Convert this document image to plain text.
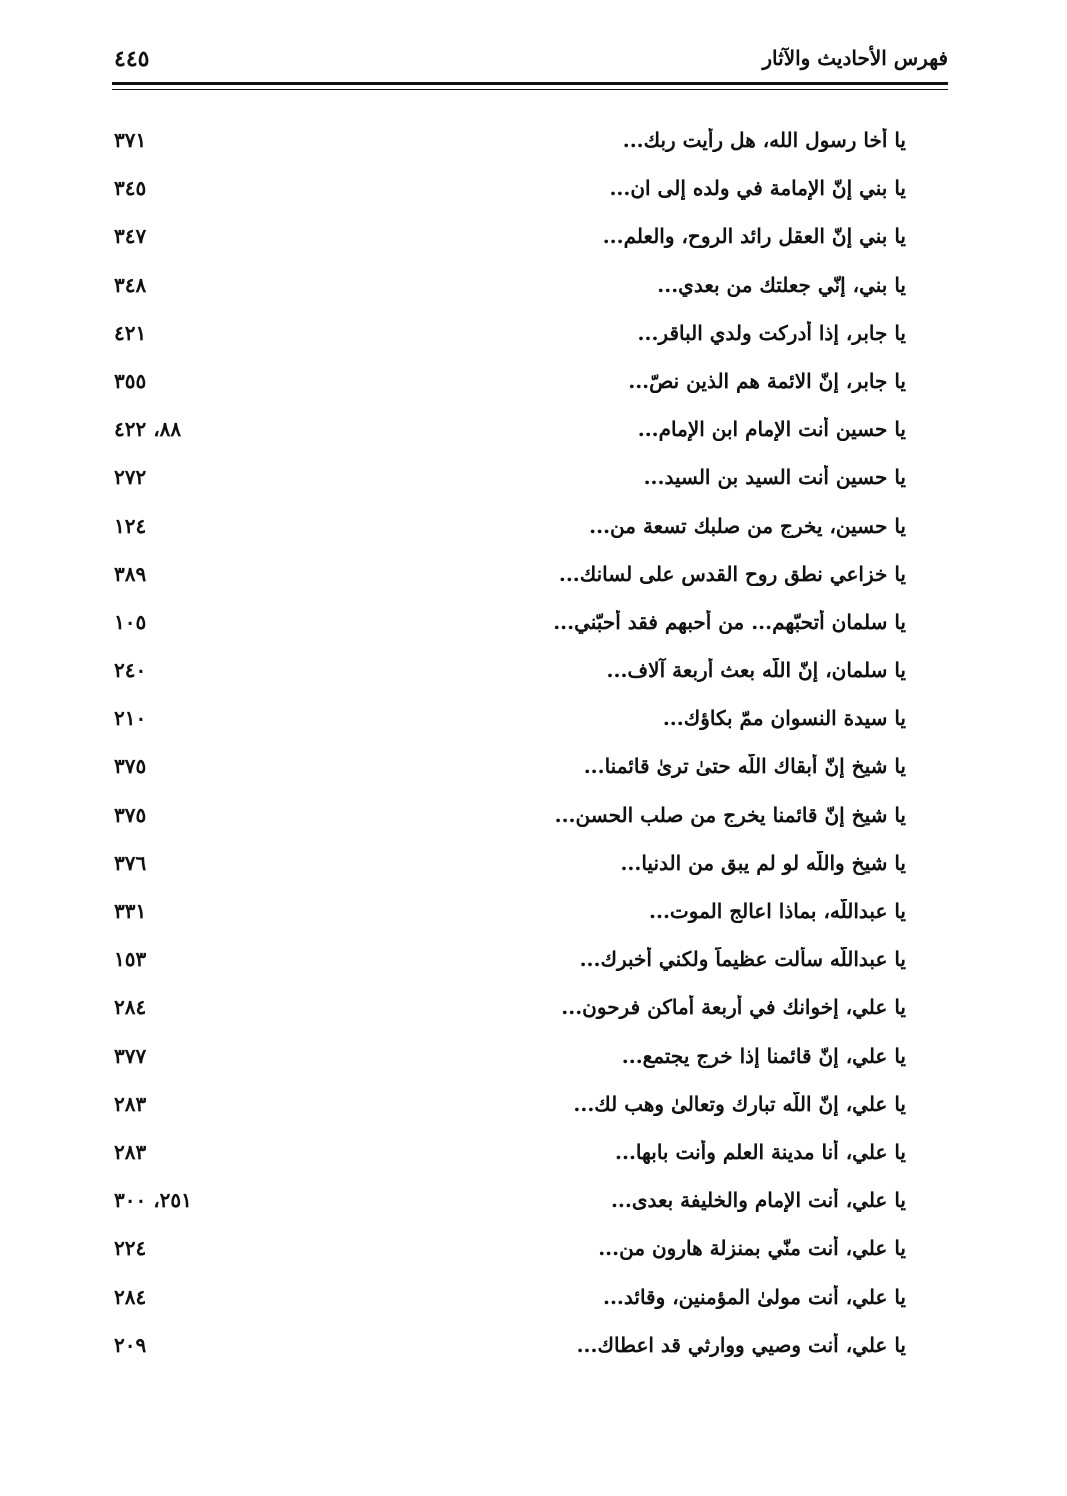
فهرس الأحاديث والآثار
٤٤٥
يا أخا رسول الله، هل رأيت ربك...
٣٧١
يا بني إنّ الإمامة في ولده إلى ان...
٣٤٥
يا بني إنّ العقل رائد الروح، والعلم...
٣٤٧
يا بني، إنّي جعلتك من بعدي...
٣٤٨
يا جابر، إذا أدركت ولدي الباقر...
٤٢١
يا جابر، إنّ الائمة هم الذين نصّ...
٣٥٥
يا حسين أنت الإمام ابن الإمام...
٨٨، ٤٢٢
يا حسين أنت السيد بن السيد...
٢٧٢
يا حسين، يخرج من صلبك تسعة من...
١٢٤
يا خزاعي نطق روح القدس على لسانك...
٣٨٩
يا سلمان أتحبّهم... من أحبهم فقد أحبّني...
١٠٥
يا سلمان، إنّ اللّه بعث أربعة آلاف...
٢٤٠
يا سيدة النسوان ممّ بكاؤك...
٢١٠
يا شيخ إنّ أبقاك اللّه حتىٰ ترىٰ قائمنا...
٣٧٥
يا شيخ إنّ قائمنا يخرج من صلب الحسن...
٣٧٥
يا شيخ واللّه لو لم يبق من الدنيا...
٣٧٦
يا عبداللّه، بماذا اعالج الموت...
٣٣١
يا عبداللّه سألت عظيماً ولكني أخبرك...
١٥٣
يا علي، إخوانك في أربعة أماكن فرحون...
٢٨٤
يا علي، إنّ قائمنا إذا خرج يجتمع...
٣٧٧
يا علي، إنّ اللّه تبارك وتعالىٰ وهب لك...
٢٨٣
يا علي، أنا مدينة العلم وأنت بابها...
٢٨٣
يا علي، أنت الإمام والخليفة بعدى...
٢٥١، ٣٠٠
يا علي، أنت منّي بمنزلة هارون من...
٢٢٤
يا علي، أنت مولىٰ المؤمنين، وقائد...
٢٨٤
يا علي، أنت وصيي ووارثي قد اعطاك...
٢٠٩
